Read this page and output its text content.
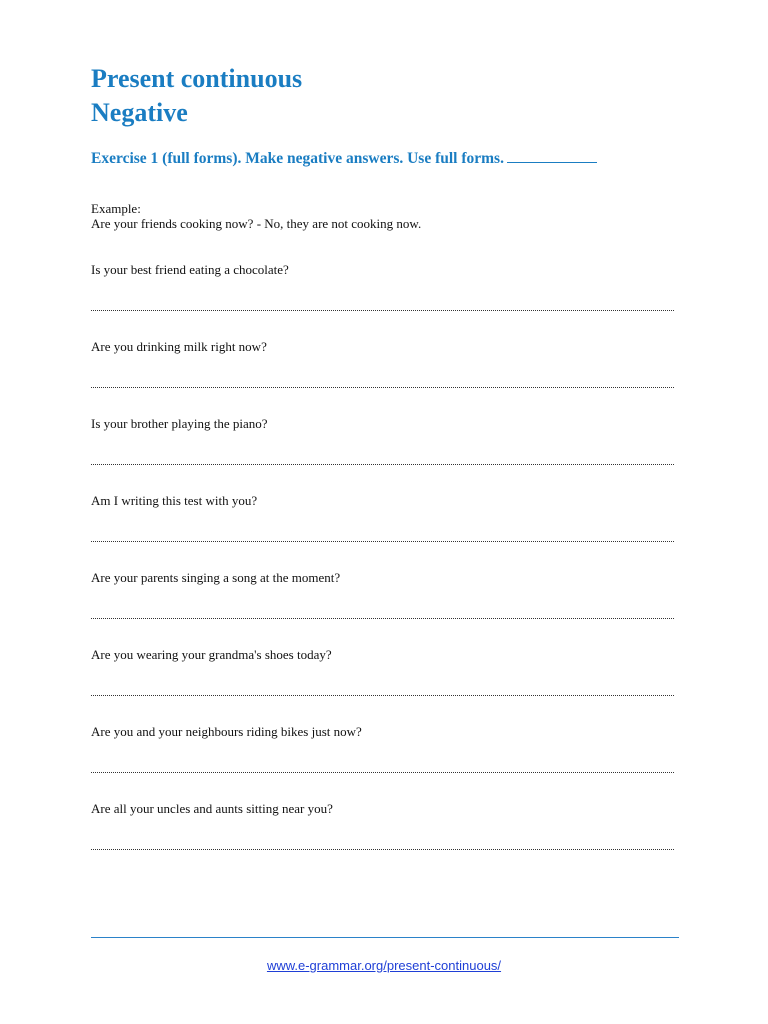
Present continuous
Negative
Exercise 1 (full forms). Make negative answers. Use full forms.
Example:
Are your friends cooking now? - No, they are not cooking now.
Is your best friend eating a chocolate?
Are you drinking milk right now?
Is your brother playing the piano?
Am I writing this test with you?
Are your parents singing a song at the moment?
Are you wearing your grandma's shoes today?
Are you and your neighbours riding bikes just now?
Are all your uncles and aunts sitting near you?
www.e-grammar.org/present-continuous/
